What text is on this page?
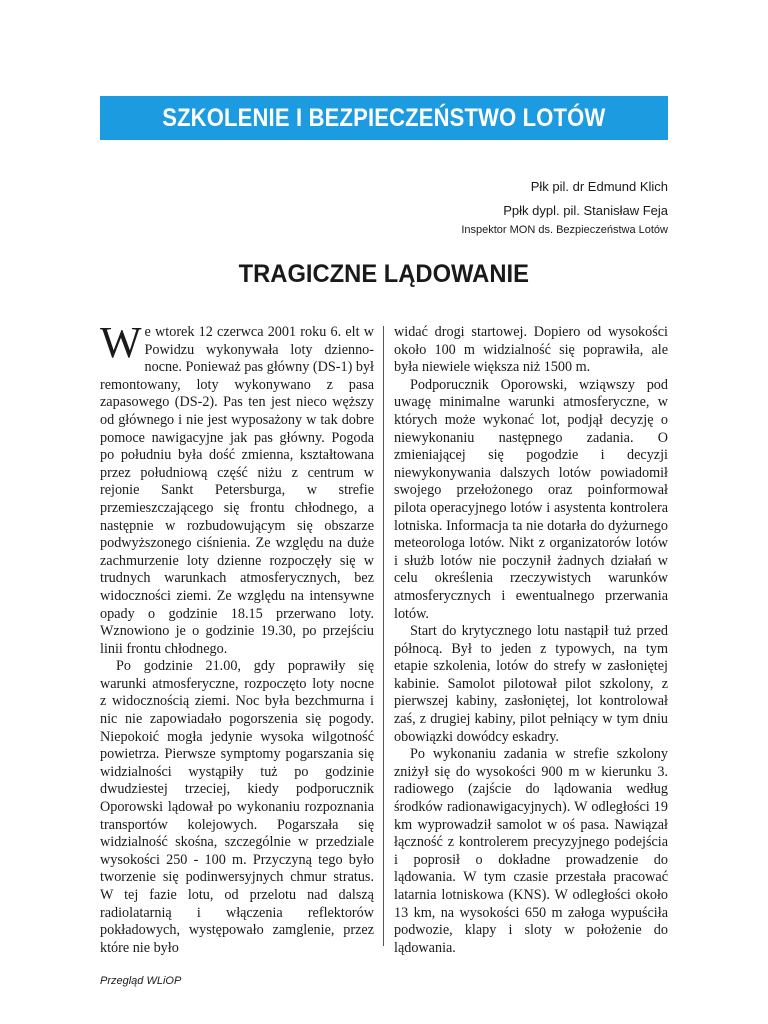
SZKOLENIE I BEZPIECZEŃSTWO LOTÓW
Płk pil. dr Edmund Klich
Ppłk dypl. pil. Stanisław Feja
Inspektor MON ds. Bezpieczeństwa Lotów
TRAGICZNE LĄDOWANIE

We wtorek 12 czerwca 2001 roku 6. elt w Powidzu wykonywała loty dzienno-nocne. Ponieważ pas główny (DS-1) był remontowany, loty wykonywano z pasa zapasowego (DS-2). Pas ten jest nieco węższy od głównego i nie jest wyposażony w tak dobre pomoce nawigacyjne jak pas główny. Pogoda po południu była dość zmienna, kształtowana przez południową część niżu z centrum w rejonie Sankt Petersburga, w strefie przemieszczającego się frontu chłodnego, a następnie w rozbudowującym się obszarze podwyższonego ciśnienia. Ze względu na duże zachmurzenie loty dzienne rozpoczęły się w trudnych warunkach atmosferycznych, bez widoczności ziemi. Ze względu na intensywne opady o godzinie 18.15 przerwano loty. Wznowiono je o godzinie 19.30, po przejściu linii frontu chłodnego.

Po godzinie 21.00, gdy poprawiły się warunki atmosferyczne, rozpoczęto loty nocne z widocznością ziemi. Noc była bezchmurna i nic nie zapowiadało pogorszenia się pogody. Niepokoić mogła jedynie wysoka wilgotność powietrza. Pierwsze symptomy pogarszania się widzialności wystąpiły tuż po godzinie dwudziestej trzeciej, kiedy podporucznik Oporowski lądował po wykonaniu rozpoznania transportów kolejowych. Pogarszała się widzialność skośna, szczególnie w przedziale wysokości 250 - 100 m. Przyczyną tego było tworzenie się podinwersyjnych chmur stratus. W tej fazie lotu, od przelotu nad dalszą radiolatarnią i włączenia reflektorów pokładowych, występowało zamglenie, przez które nie było

widać drogi startowej. Dopiero od wysokości około 100 m widzialność się poprawiła, ale była niewiele większa niż 1500 m.

Podporucznik Oporowski, wziąwszy pod uwagę minimalne warunki atmosferyczne, w których może wykonać lot, podjął decyzję o niewykonaniu następnego zadania. O zmieniającej się pogodzie i decyzji niewykonywania dalszych lotów powiadomił swojego przełożonego oraz poinformował pilota operacyjnego lotów i asystenta kontrolera lotniska. Informacja ta nie dotarła do dyżurnego meteorologa lotów. Nikt z organizatorów lotów i służb lotów nie poczynił żadnych działań w celu określenia rzeczywistych warunków atmosferycznych i ewentualnego przerwania lotów.

Start do krytycznego lotu nastąpił tuż przed północą. Był to jeden z typowych, na tym etapie szkolenia, lotów do strefy w zasłoniętej kabinie. Samolot pilotował pilot szkolony, z pierwszej kabiny, zasłoniętej, lot kontrolował zaś, z drugiej kabiny, pilot pełniący w tym dniu obowiązki dowódcy eskadry.

Po wykonaniu zadania w strefie szkolony zniżył się do wysokości 900 m w kierunku 3. radiowego (zajście do lądowania według środków radionawigacyjnych). W odległości 19 km wyprowadził samolot w oś pasa. Nawiązał łączność z kontrolerem precyzyjnego podejścia i poprosił o dokładne prowadzenie do lądowania. W tym czasie przestała pracować latarnia lotniskowa (KNS). W odległości około 13 km, na wysokości 650 m załoga wypuściła podwozie, klapy i sloty w położenie do lądowania.

Przegląd WLiOP
